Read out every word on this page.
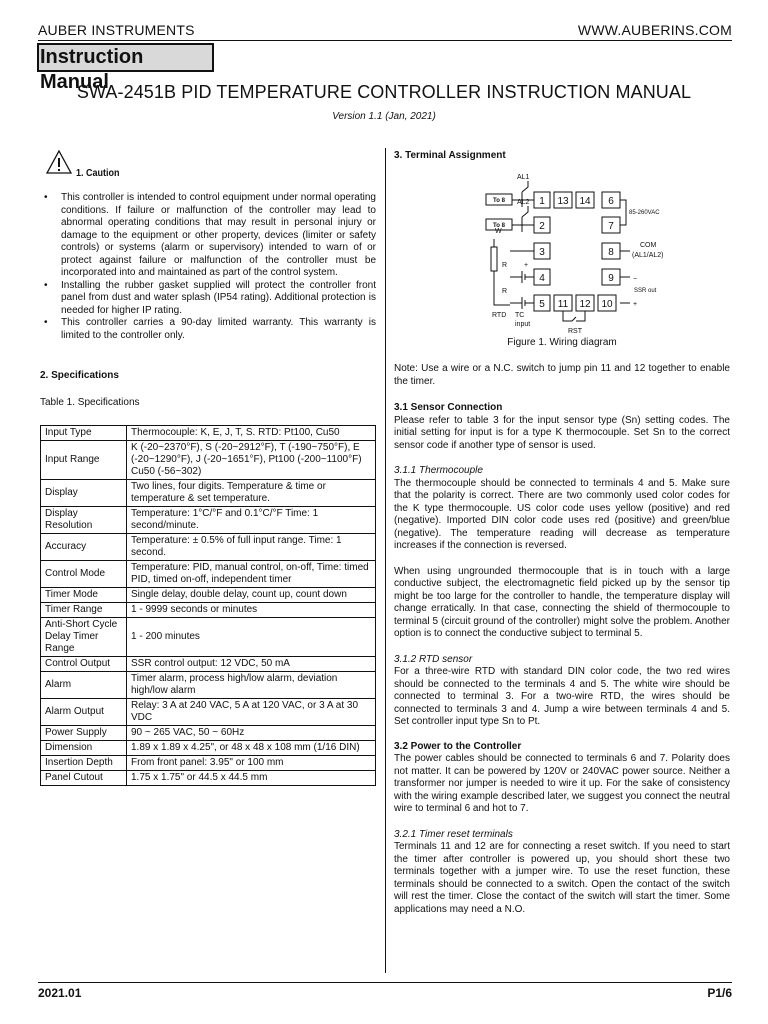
AUBER INSTRUMENTS	WWW.AUBERINS.COM
Instruction Manual
SWA-2451B PID TEMPERATURE CONTROLLER INSTRUCTION MANUAL
Version 1.1 (Jan, 2021)
1. Caution
• This controller is intended to control equipment under normal operating conditions. If failure or malfunction of the controller may lead to abnormal operating conditions that may result in personal injury or damage to the equipment or other property, devices (limiter or safety controls) or systems (alarm or supervisory) intended to warn of or protect against failure or malfunction of the controller must be incorporated into and maintained as part of the control system.
• Installing the rubber gasket supplied will protect the controller front panel from dust and water splash (IP54 rating). Additional protection is needed for higher IP rating.
• This controller carries a 90-day limited warranty. This warranty is limited to the controller only.
2. Specifications
Table 1. Specifications
Input Type	Thermocouple: K, E, J, T, S. RTD: Pt100, Cu50
Input Range	K (-20~2370°F), S (-20~2912°F), T (-190~750°F), E (-20~1290°F), J (-20~1651°F), Pt100 (-200~1100°F) Cu50 (-56~302)
Display	Two lines, four digits. Temperature & time or temperature & set temperature.
Display Resolution	Temperature: 1°C/°F and 0.1°C/°F Time: 1 second/minute.
Accuracy	Temperature: ± 0.5% of full input range. Time: 1 second.
Control Mode	Temperature: PID, manual control, on-off, Time: timed PID, timed on-off, independent timer
Timer Mode	Single delay, double delay, count up, count down
Timer Range	1 - 9999 seconds or minutes
Anti-Short Cycle Delay Timer Range	1 - 200 minutes
Control Output	SSR control output: 12 VDC, 50 mA
Alarm	Timer alarm, process high/low alarm, deviation high/low alarm
Alarm Output	Relay: 3 A at 240 VAC, 5 A at 120 VAC, or 3 A at 30 VDC
Power Supply	90 ~ 265 VAC, 50 ~ 60Hz
Dimension	1.89 x 1.89 x 4.25", or 48 x 48 x 108 mm (1/16 DIN)
Insertion Depth	From front panel: 3.95" or 100 mm
Panel Cutout	1.75 x 1.75" or 44.5 x 44.5 mm
3. Terminal Assignment
1 13 14 6
2	7
3	8
4	9
5 11 12 10
To 8
To 8
AL1
AL2
W
R
R
+
RTD TC
input
RST
COM
(AL1/AL2)
−
+
85-260VAC
SSR out
Figure 1. Wiring diagram
Note: Use a wire or a N.C. switch to jump pin 11 and 12 together to enable the timer.
3.1 Sensor Connection
Please refer to table 3 for the input sensor type (Sn) setting codes. The initial setting for input is for a type K thermocouple. Set Sn to the correct sensor code if another type of sensor is used.
3.1.1 Thermocouple
The thermocouple should be connected to terminals 4 and 5. Make sure that the polarity is correct. There are two commonly used color codes for the K type thermocouple. US color code uses yellow (positive) and red (negative). Imported DIN color code uses red (positive) and green/blue (negative). The temperature reading will decrease as temperature increases if the connection is reversed.
When using ungrounded thermocouple that is in touch with a large conductive subject, the electromagnetic field picked up by the sensor tip might be too large for the controller to handle, the temperature display will change erratically. In that case, connecting the shield of thermocouple to terminal 5 (circuit ground of the controller) might solve the problem. Another option is to connect the conductive subject to terminal 5.
3.1.2 RTD sensor
For a three-wire RTD with standard DIN color code, the two red wires should be connected to the terminals 4 and 5. The white wire should be connected to terminal 3. For a two-wire RTD, the wires should be connected to terminals 3 and 4. Jump a wire between terminals 4 and 5. Set controller input type Sn to Pt.
3.2 Power to the Controller
The power cables should be connected to terminals 6 and 7. Polarity does not matter. It can be powered by 120V or 240VAC power source. Neither a transformer nor jumper is needed to wire it up. For the sake of consistency with the wiring example described later, we suggest you connect the neutral wire to terminal 6 and hot to 7.
3.2.1 Timer reset terminals
Terminals 11 and 12 are for connecting a reset switch. If you need to start the timer after controller is powered up, you should short these two terminals together with a jumper wire. To use the reset function, these terminals should be connected to a switch. Open the contact of the switch will rest the timer. Close the contact of the switch will start the timer. Some applications may need a N.O.
2021.01	P1/6
